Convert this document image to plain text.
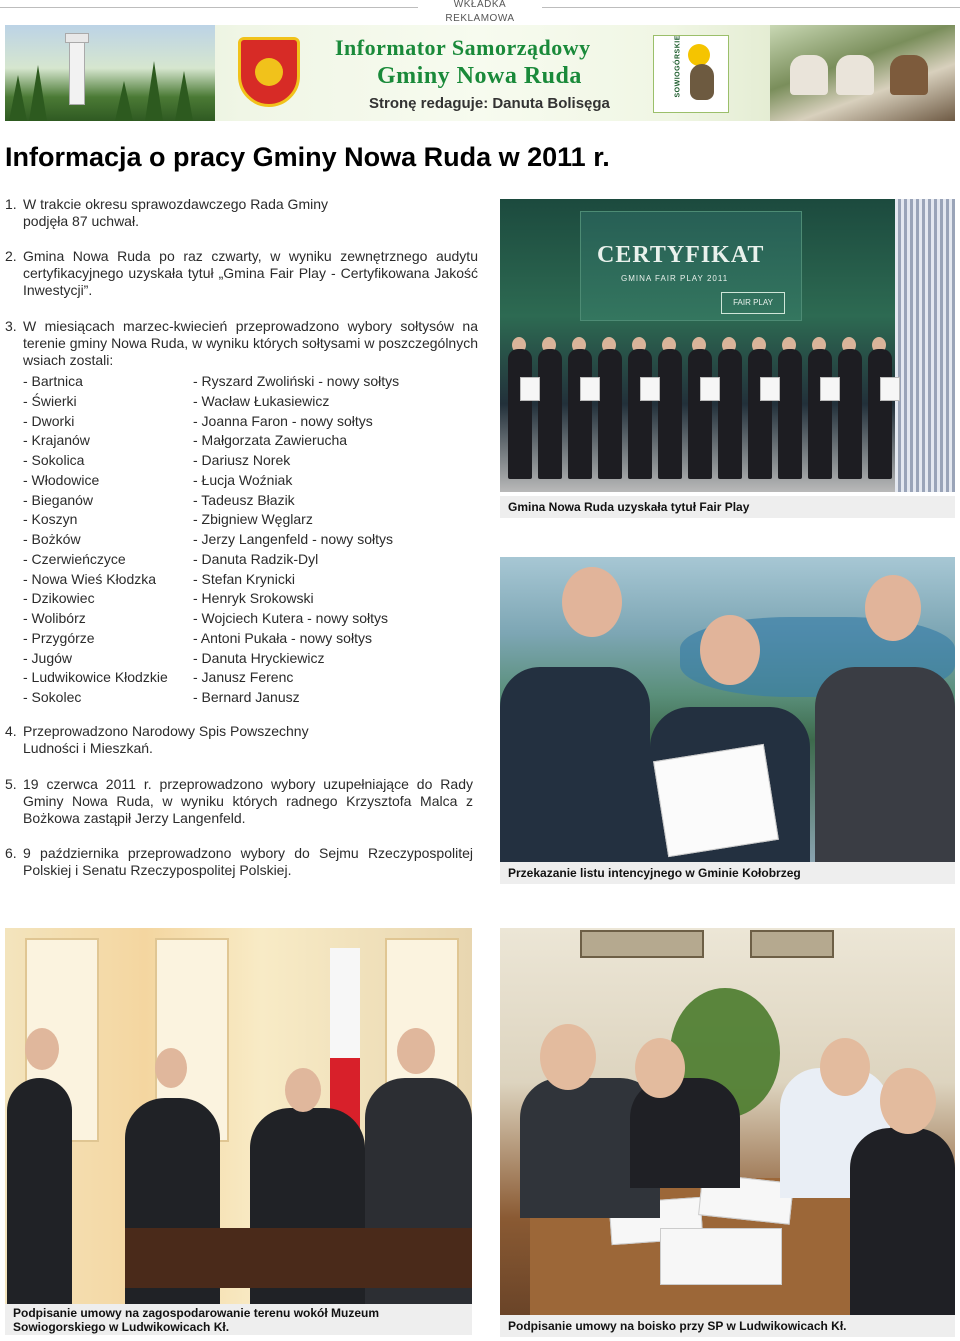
WKŁADKA REKLAMOWA
Informator Samorządowy
Gminy Nowa Ruda
Stronę redaguje: Danuta Bolisęga
SOWIOGÓRSKIE
Informacja o pracy Gminy Nowa Ruda w 2011 r.
1. W trakcie okresu sprawozdawczego Rada Gminy podjęła 87 uchwał.
2. Gmina Nowa Ruda po raz czwarty, w wyniku zewnętrznego audytu certyfikacyjnego uzyskała tytuł „Gmina Fair Play - Certyfikowana Jakość Inwestycji”.
3. W miesiącach marzec-kwiecień przeprowadzono wybory sołtysów na terenie gminy Nowa Ruda, w wyniku których sołtysami w poszczególnych wsiach zostali:
- Bartnica	- Ryszard Zwoliński - nowy sołtys
- Świerki	- Wacław Łukasiewicz
- Dworki	- Joanna Faron - nowy sołtys
- Krajanów	- Małgorzata Zawierucha
- Sokolica	- Dariusz Norek
- Włodowice	- Łucja Woźniak
- Bieganów	- Tadeusz Błazik
- Koszyn	- Zbigniew Węglarz
- Bożków	- Jerzy Langenfeld - nowy sołtys
- Czerwieńczyce	- Danuta Radzik-Dyl
- Nowa Wieś Kłodzka	- Stefan Krynicki
- Dzikowiec	- Henryk Srokowski
- Wolibórz	- Wojciech Kutera - nowy sołtys
- Przygórze	- Antoni Pukała - nowy sołtys
- Jugów	- Danuta Hryckiewicz
- Ludwikowice Kłodzkie - Janusz Ferenc
- Sokolec	- Bernard Janusz
4. Przeprowadzono Narodowy Spis Powszechny Ludności i Mieszkań.
5. 19 czerwca 2011 r. przeprowadzono wybory uzupełniające do Rady Gminy Nowa Ruda, w wyniku których radnego Krzysztofa Malca z Bożkowa zastąpił Jerzy Langenfeld.
6. 9 października przeprowadzono wybory do Sejmu Rzeczypospolitej Polskiej i Senatu Rzeczypospolitej Polskiej.
CERTYFIKAT
GMINA FAIR PLAY 2011
FAIR PLAY
Gmina Nowa Ruda uzyskała tytuł Fair Play
Przekazanie listu intencyjnego w Gminie Kołobrzeg
Podpisanie umowy na zagospodarowanie terenu wokół Muzeum Sowiogorskiego w Ludwikowicach Kł.	Podpisanie umowy na boisko przy SP w Ludwikowicach Kł.
